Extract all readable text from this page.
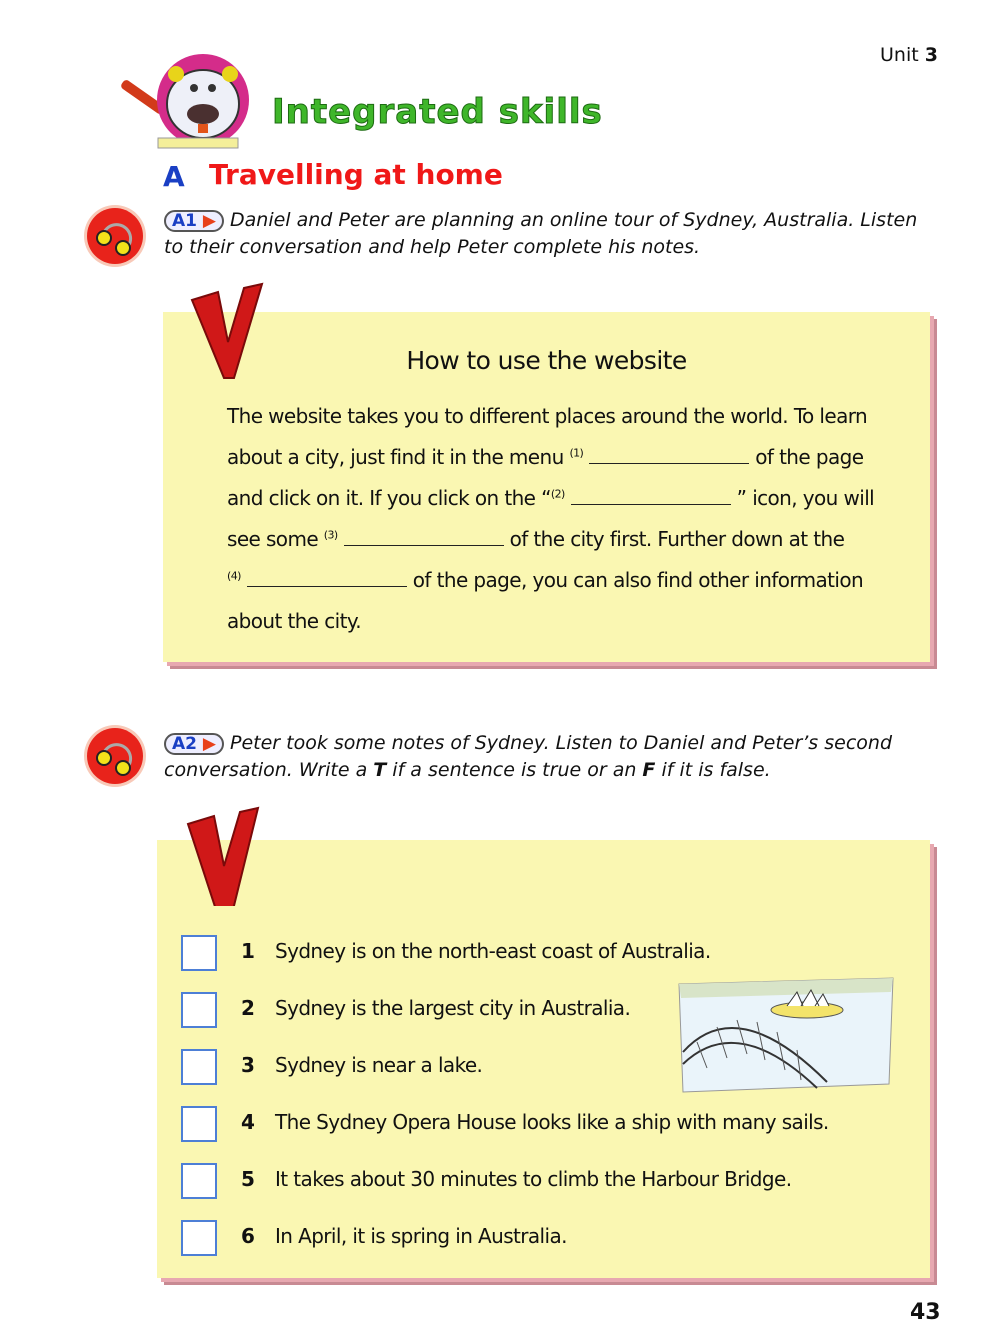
Unit 3
Integrated skills
A Travelling at home
A1 ▶ Daniel and Peter are planning an online tour of Sydney, Australia. Listen to their conversation and help Peter complete his notes.
How to use the website
The website takes you to different places around the world. To learn
about a city, just find it in the menu $^{(1)}$	of the page
and click on it. If you click on the “$^{(2)}$	” icon, you will
see some $^{(3)}$	of the city first. Further down at the
$^{(4)}$	of the page, you can also find other information
about the city.
A2 ▶ Peter took some notes of Sydney. Listen to Daniel and Peter’s second conversation. Write a T if a sentence is true or an F if it is false.
1 Sydney is on the north-east coast of Australia.
2 Sydney is the largest city in Australia.
3 Sydney is near a lake.
4 The Sydney Opera House looks like a ship with many sails.
5 It takes about 30 minutes to climb the Harbour Bridge.
6 In April, it is spring in Australia.
43
